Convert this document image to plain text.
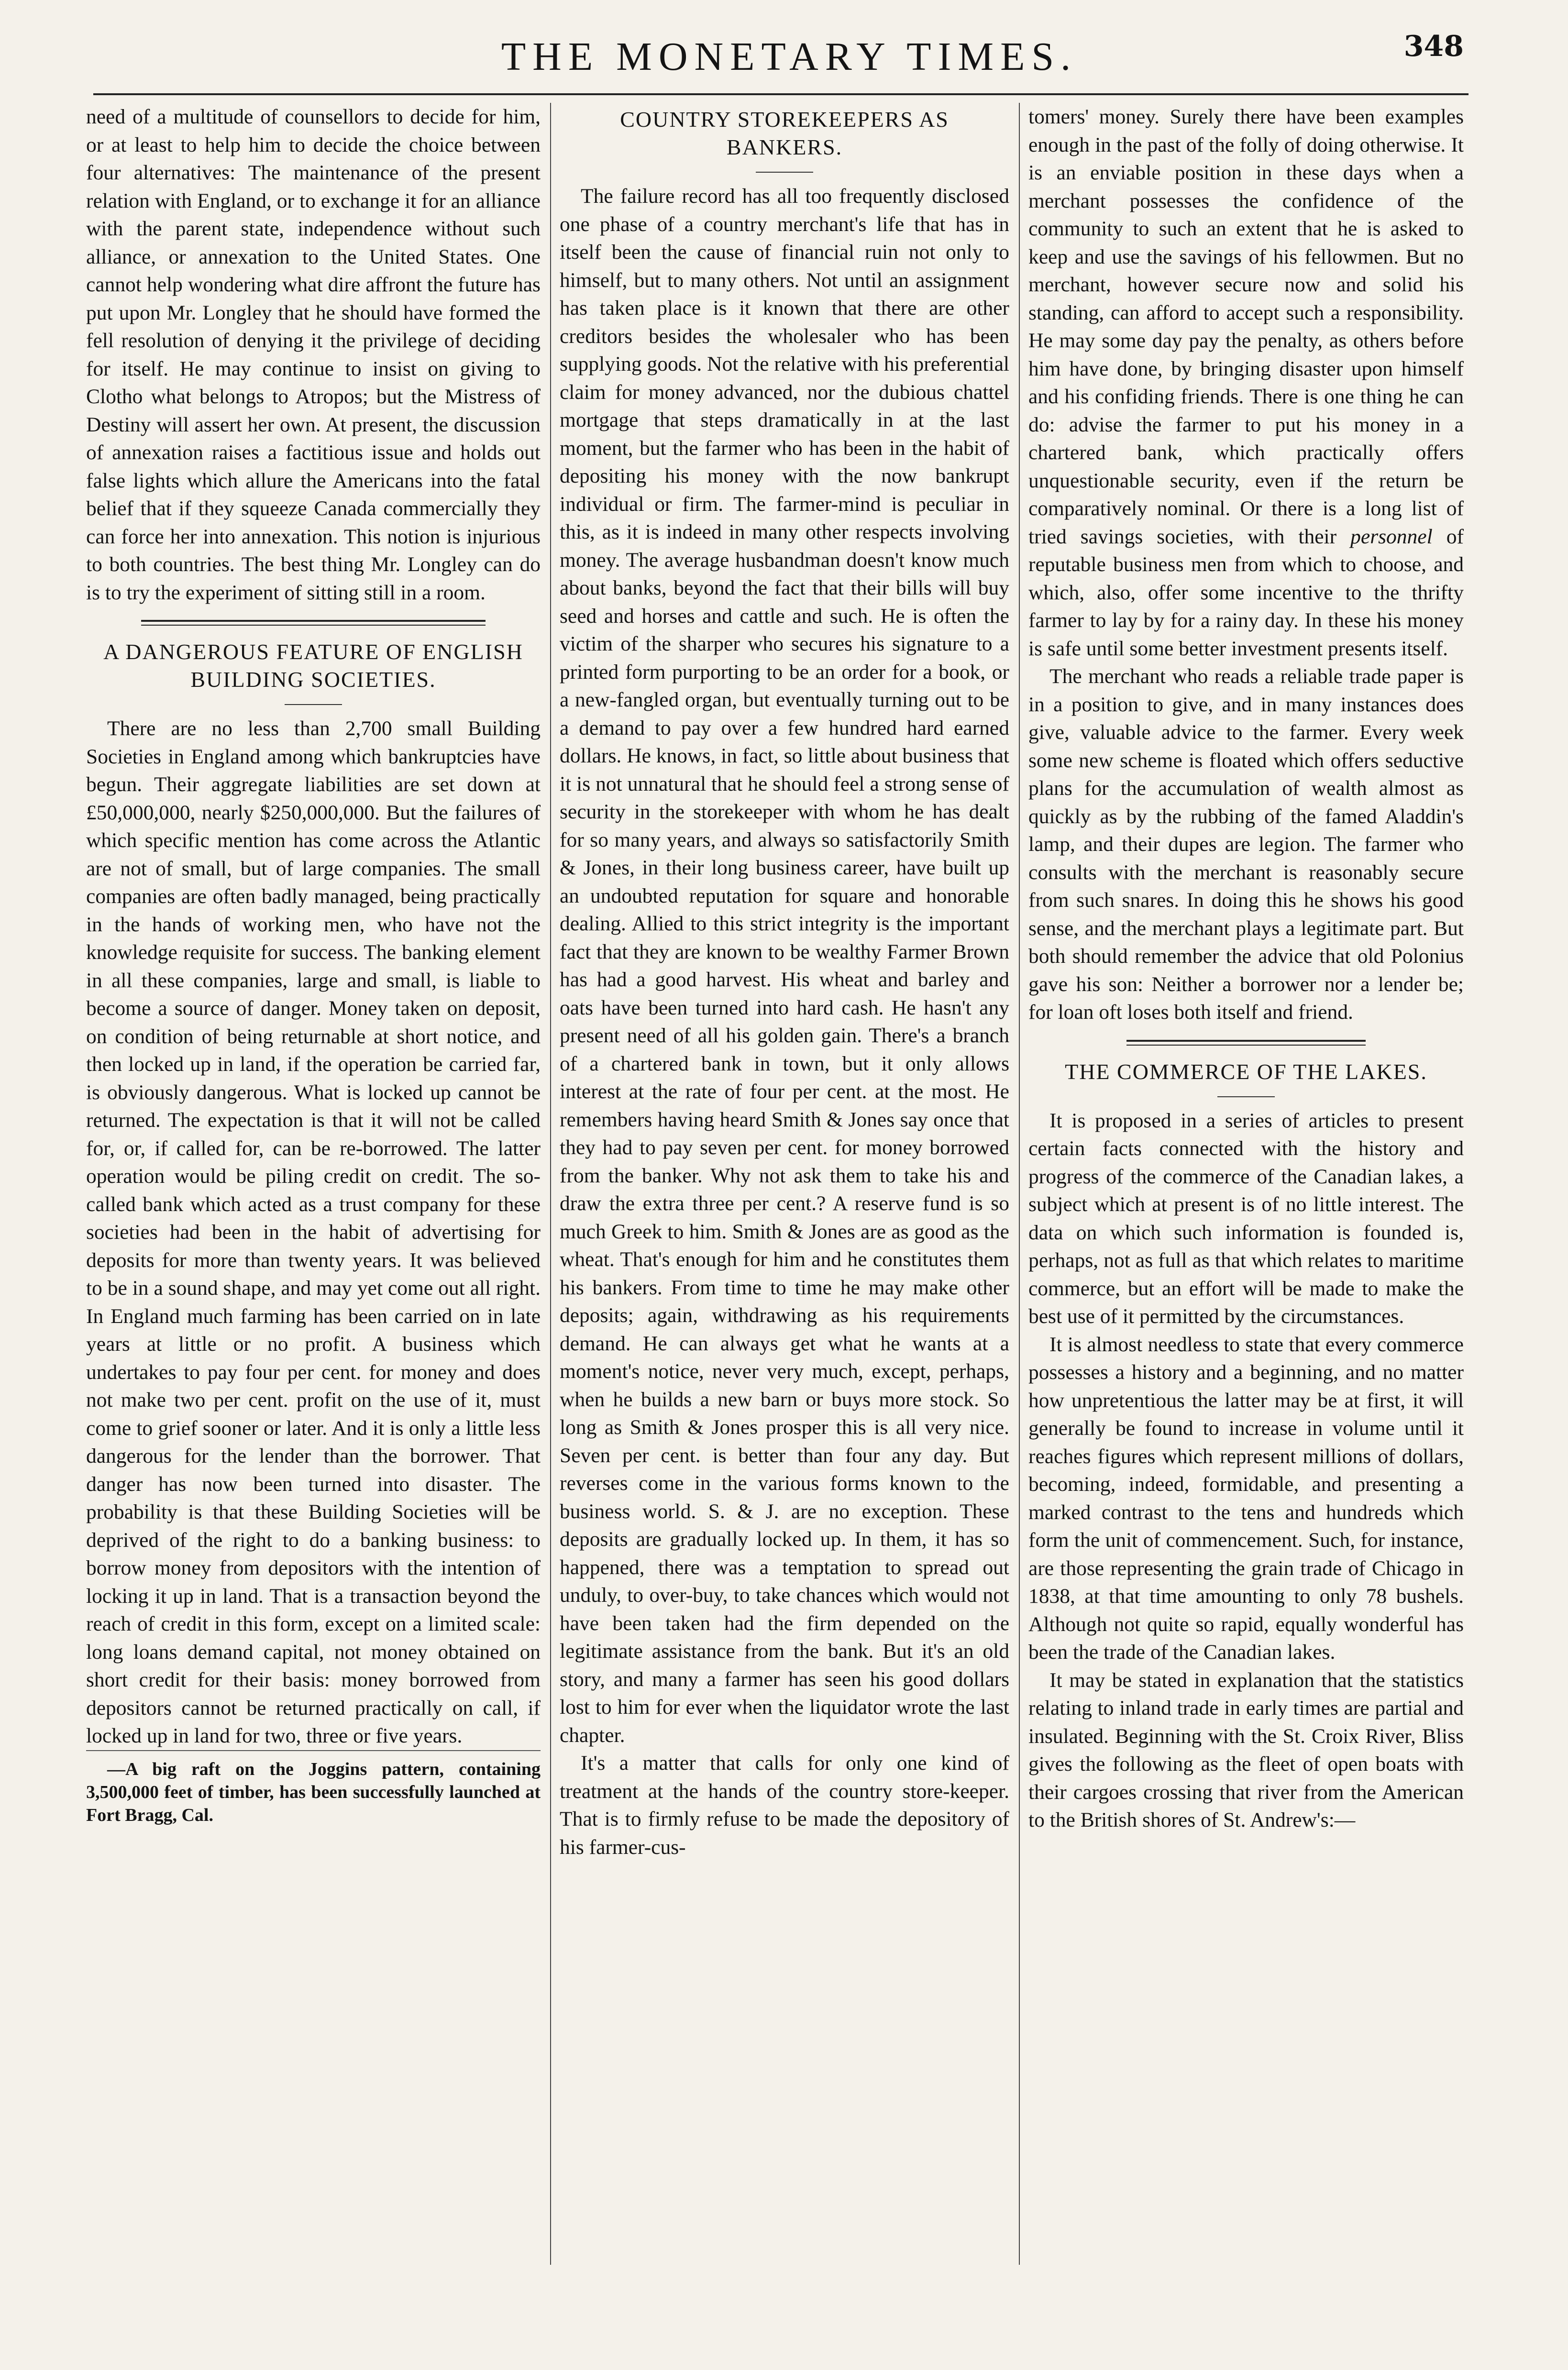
THE MONETARY TIMES.	348

need of a multitude of counsellors to decide for him, or at least to help him to decide the choice between four alternatives: The maintenance of the present relation with England, or to exchange it for an alliance with the parent state, independence without such alliance, or annexation to the United States. One cannot help wondering what dire affront the future has put upon Mr. Longley that he should have formed the fell resolution of denying it the privilege of deciding for itself. He may continue to insist on giving to Clotho what belongs to Atropos; but the Mistress of Destiny will assert her own. At present, the discussion of annexation raises a factitious issue and holds out false lights which allure the Americans into the fatal belief that if they squeeze Canada commercially they can force her into annexation. This notion is injurious to both countries. The best thing Mr. Longley can do is to try the experiment of sitting still in a room.

A DANGEROUS FEATURE OF ENGLISH BUILDING SOCIETIES.

There are no less than 2,700 small Building Societies in England among which bankruptcies have begun. Their aggregate liabilities are set down at £50,000,000, nearly $250,000,000. But the failures of which specific mention has come across the Atlantic are not of small, but of large companies. The small companies are often badly managed, being practically in the hands of working men, who have not the knowledge requisite for success. The banking element in all these companies, large and small, is liable to become a source of danger. Money taken on deposit, on condition of being returnable at short notice, and then locked up in land, if the operation be carried far, is obviously dangerous. What is locked up cannot be returned. The expectation is that it will not be called for, or, if called for, can be re-borrowed. The latter operation would be piling credit on credit. The so-called bank which acted as a trust company for these societies had been in the habit of advertising for deposits for more than twenty years. It was believed to be in a sound shape, and may yet come out all right. In England much farming has been carried on in late years at little or no profit. A business which undertakes to pay four per cent. for money and does not make two per cent. profit on the use of it, must come to grief sooner or later. And it is only a little less dangerous for the lender than the borrower. That danger has now been turned into disaster. The probability is that these Building Societies will be deprived of the right to do a banking business: to borrow money from depositors with the intention of locking it up in land. That is a transaction beyond the reach of credit in this form, except on a limited scale: long loans demand capital, not money obtained on short credit for their basis: money borrowed from depositors cannot be returned practically on call, if locked up in land for two, three or five years.

—A big raft on the Joggins pattern, containing 3,500,000 feet of timber, has been successfully launched at Fort Bragg, Cal.

COUNTRY STOREKEEPERS AS BANKERS.

The failure record has all too frequently disclosed one phase of a country merchant's life that has in itself been the cause of financial ruin not only to himself, but to many others. Not until an assignment has taken place is it known that there are other creditors besides the wholesaler who has been supplying goods. Not the relative with his preferential claim for money advanced, nor the dubious chattel mortgage that steps dramatically in at the last moment, but the farmer who has been in the habit of depositing his money with the now bankrupt individual or firm. The farmer-mind is peculiar in this, as it is indeed in many other respects involving money. The average husbandman doesn't know much about banks, beyond the fact that their bills will buy seed and horses and cattle and such. He is often the victim of the sharper who secures his signature to a printed form purporting to be an order for a book, or a new-fangled organ, but eventually turning out to be a demand to pay over a few hundred hard earned dollars. He knows, in fact, so little about business that it is not unnatural that he should feel a strong sense of security in the storekeeper with whom he has dealt for so many years, and always so satisfactorily Smith & Jones, in their long business career, have built up an undoubted reputation for square and honorable dealing. Allied to this strict integrity is the important fact that they are known to be wealthy Farmer Brown has had a good harvest. His wheat and barley and oats have been turned into hard cash. He hasn't any present need of all his golden gain. There's a branch of a chartered bank in town, but it only allows interest at the rate of four per cent. at the most. He remembers having heard Smith & Jones say once that they had to pay seven per cent. for money borrowed from the banker. Why not ask them to take his and draw the extra three per cent.? A reserve fund is so much Greek to him. Smith & Jones are as good as the wheat. That's enough for him and he constitutes them his bankers. From time to time he may make other deposits; again, withdrawing as his requirements demand. He can always get what he wants at a moment's notice, never very much, except, perhaps, when he builds a new barn or buys more stock. So long as Smith & Jones prosper this is all very nice. Seven per cent. is better than four any day. But reverses come in the various forms known to the business world. S. & J. are no exception. These deposits are gradually locked up. In them, it has so happened, there was a temptation to spread out unduly, to over-buy, to take chances which would not have been taken had the firm depended on the legitimate assistance from the bank. But it's an old story, and many a farmer has seen his good dollars lost to him for ever when the liquidator wrote the last chapter.

It's a matter that calls for only one kind of treatment at the hands of the country store-keeper. That is to firmly refuse to be made the depository of his farmer-cus-

tomers' money. Surely there have been examples enough in the past of the folly of doing otherwise. It is an enviable position in these days when a merchant possesses the confidence of the community to such an extent that he is asked to keep and use the savings of his fellowmen. But no merchant, however secure now and solid his standing, can afford to accept such a responsibility. He may some day pay the penalty, as others before him have done, by bringing disaster upon himself and his confiding friends. There is one thing he can do: advise the farmer to put his money in a chartered bank, which practically offers unquestionable security, even if the return be comparatively nominal. Or there is a long list of tried savings societies, with their personnel of reputable business men from which to choose, and which, also, offer some incentive to the thrifty farmer to lay by for a rainy day. In these his money is safe until some better investment presents itself.

The merchant who reads a reliable trade paper is in a position to give, and in many instances does give, valuable advice to the farmer. Every week some new scheme is floated which offers seductive plans for the accumulation of wealth almost as quickly as by the rubbing of the famed Aladdin's lamp, and their dupes are legion. The farmer who consults with the merchant is reasonably secure from such snares. In doing this he shows his good sense, and the merchant plays a legitimate part. But both should remember the advice that old Polonius gave his son: Neither a borrower nor a lender be; for loan oft loses both itself and friend.

THE COMMERCE OF THE LAKES.

It is proposed in a series of articles to present certain facts connected with the history and progress of the commerce of the Canadian lakes, a subject which at present is of no little interest. The data on which such information is founded is, perhaps, not as full as that which relates to maritime commerce, but an effort will be made to make the best use of it permitted by the circumstances.

It is almost needless to state that every commerce possesses a history and a beginning, and no matter how unpretentious the latter may be at first, it will generally be found to increase in volume until it reaches figures which represent millions of dollars, becoming, indeed, formidable, and presenting a marked contrast to the tens and hundreds which form the unit of commencement. Such, for instance, are those representing the grain trade of Chicago in 1838, at that time amounting to only 78 bushels. Although not quite so rapid, equally wonderful has been the trade of the Canadian lakes.

It may be stated in explanation that the statistics relating to inland trade in early times are partial and insulated. Beginning with the St. Croix River, Bliss gives the following as the fleet of open boats with their cargoes crossing that river from the American to the British shores of St. Andrew's:—
